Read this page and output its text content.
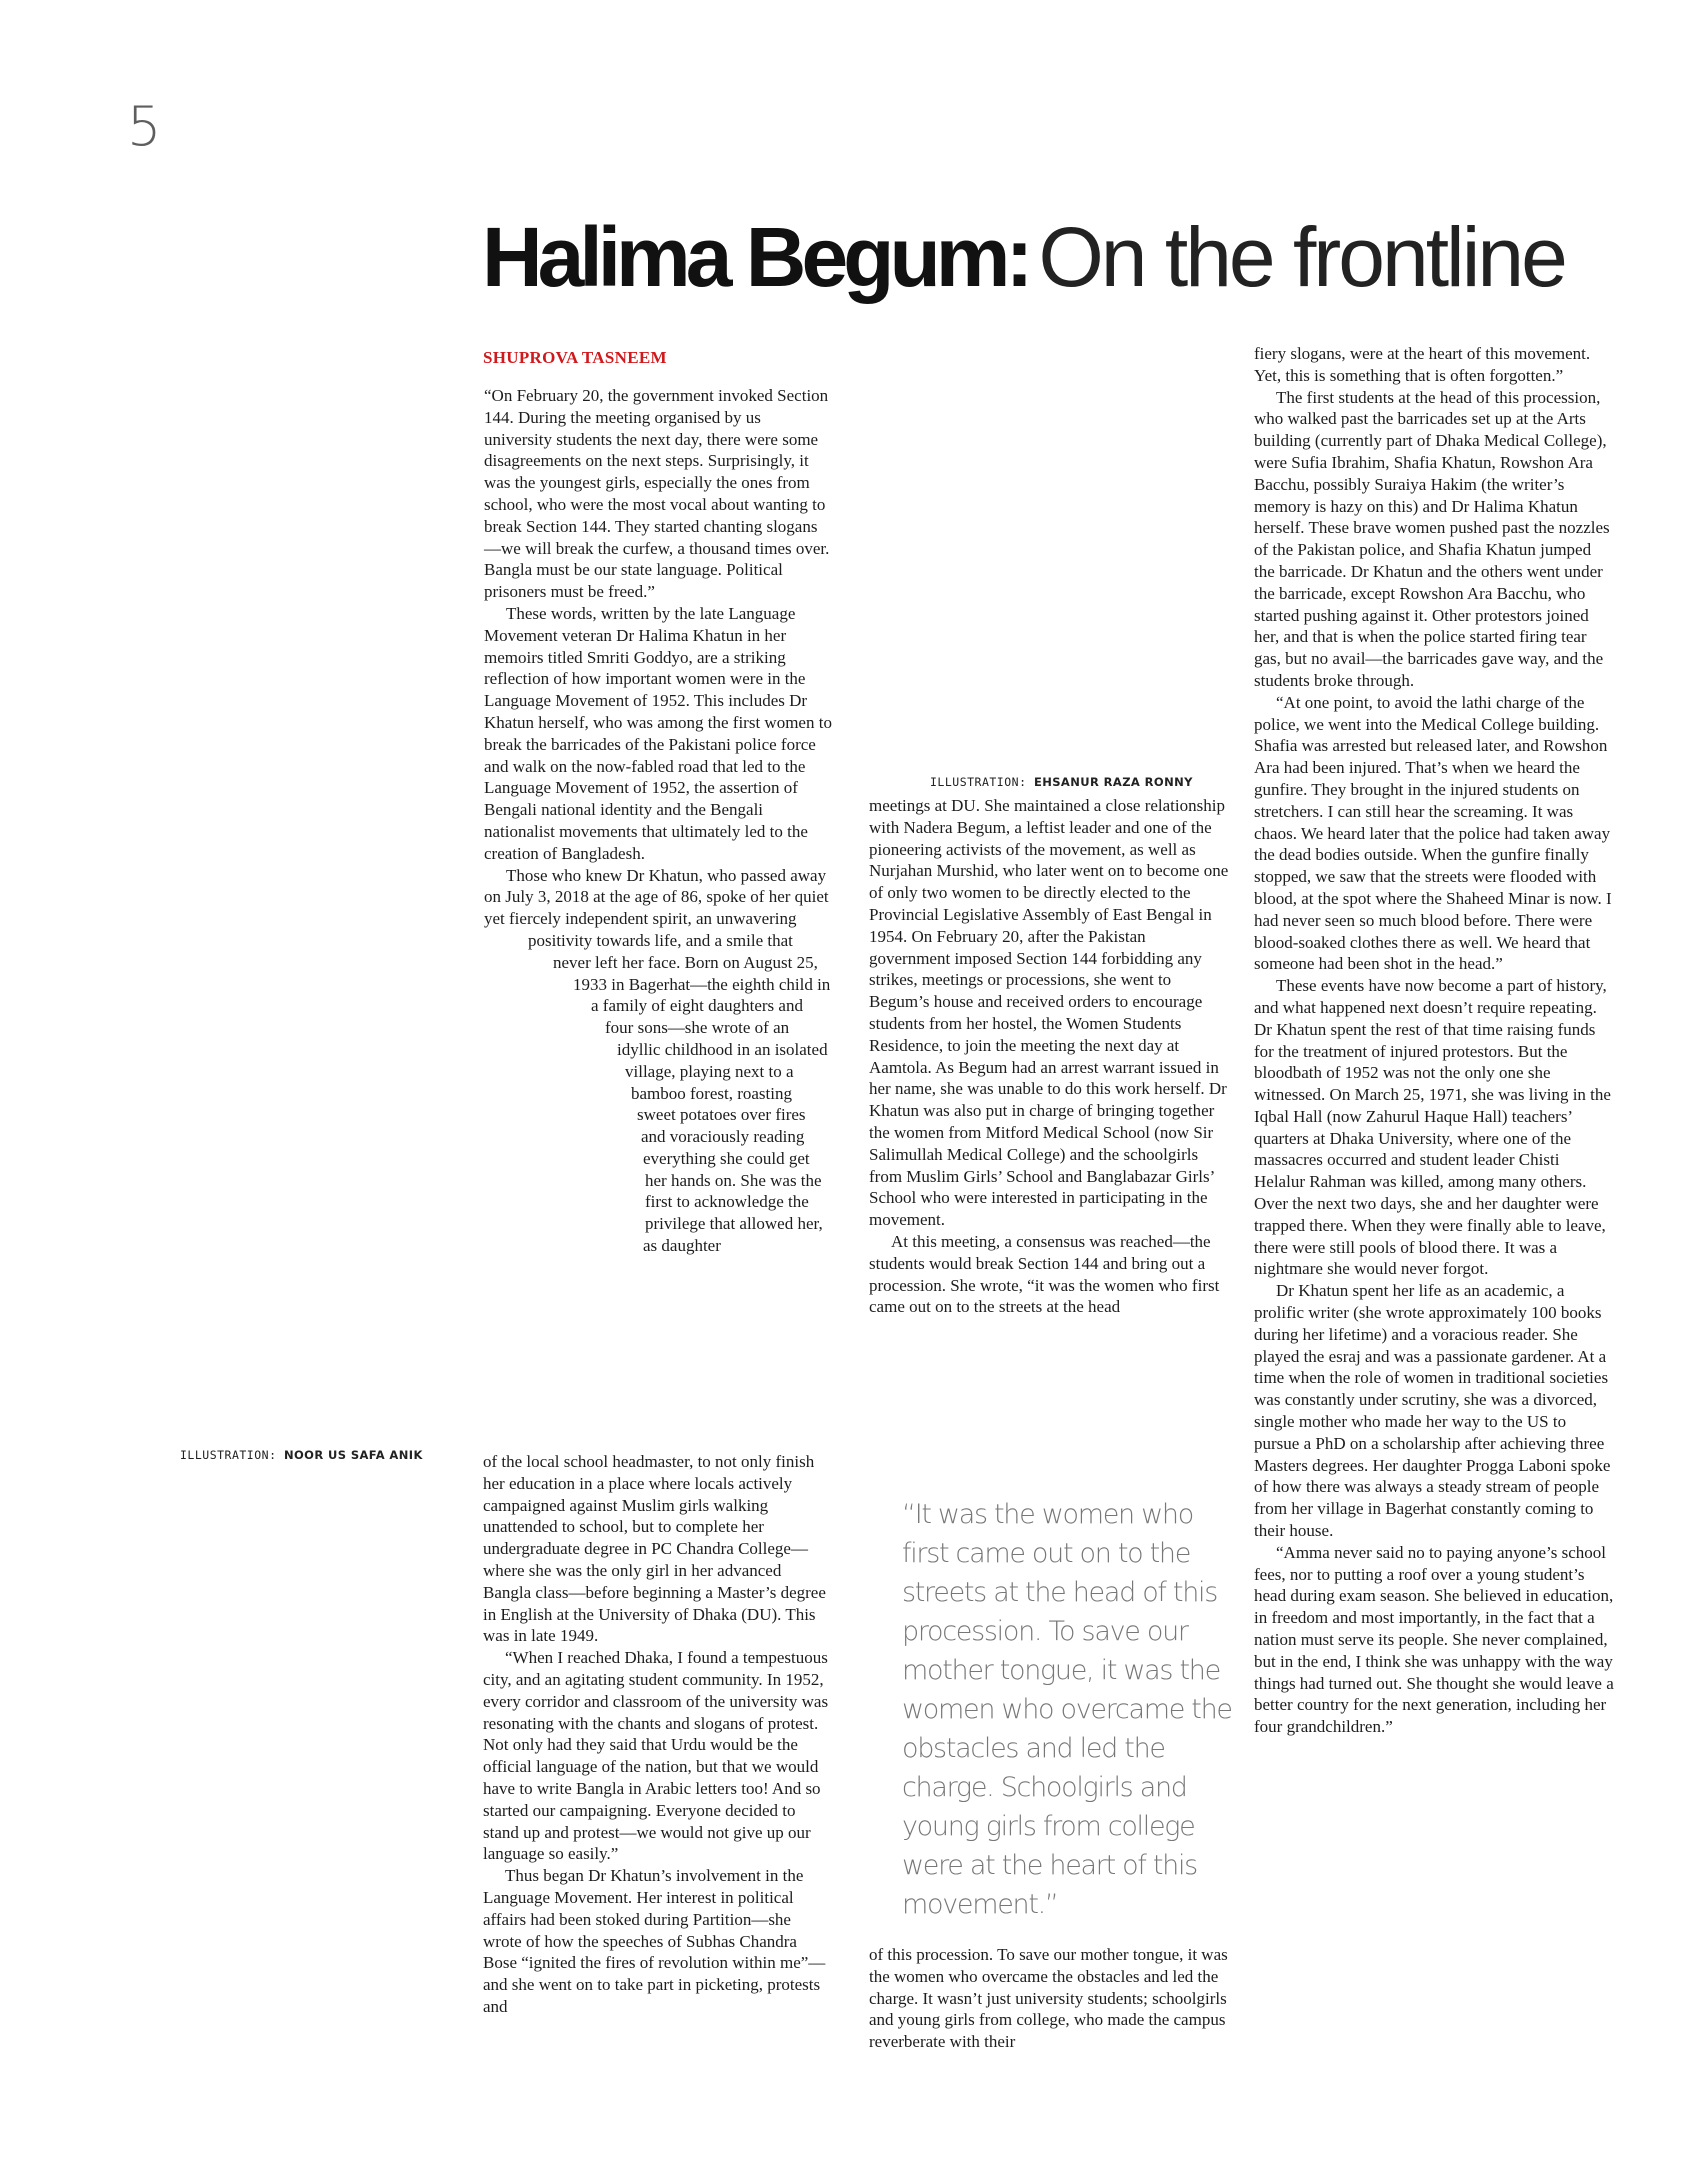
5
Halima Begum: On the frontline
SHUPROVA TASNEEM
ILLUSTRATION: NOOR US SAFA ANIK
ILLUSTRATION: EHSANUR RAZA RONNY

“On February 20, the government invoked Section 144. During the meeting organised by us university students the next day, there were some disagreements on the next steps. Surprisingly, it was the youngest girls, especially the ones from school, who were the most vocal about wanting to break Section 144. They started chanting slogans—we will break the curfew, a thousand times over. Bangla must be our state language. Political prisoners must be freed.”

These words, written by the late Language Movement veteran Dr Halima Khatun in her memoirs titled Smriti Goddyo, are a striking reflection of how important women were in the Language Movement of 1952. This includes Dr Khatun herself, who was among the first women to break the barricades of the Pakistani police force and walk on the now-fabled road that led to the Language Movement of 1952, the assertion of Bengali national identity and the Bengali nationalist movements that ultimately led to the creation of Bangladesh.

Those who knew Dr Khatun, who passed away on July 3, 2018 at the age of 86, spoke of her quiet yet fiercely independent spirit, an unwavering positivity towards life, and a smile that never left her face. Born on August 25, 1933 in Bagerhat—the eighth child in a family of eight daughters and four sons—she wrote of an idyllic childhood in an isolated village, playing next to a bamboo forest, roasting sweet potatoes over fires and voraciously reading everything she could get her hands on. She was the first to acknowledge the privilege that allowed her, as daughter

of the local school headmaster, to not only finish her education in a place where locals actively campaigned against Muslim girls walking unattended to school, but to complete her undergraduate degree in PC Chandra College—where she was the only girl in her advanced Bangla class—before beginning a Master’s degree in English at the University of Dhaka (DU). This was in late 1949.

“When I reached Dhaka, I found a tempestuous city, and an agitating student community. In 1952, every corridor and classroom of the university was resonating with the chants and slogans of protest. Not only had they said that Urdu would be the official language of the nation, but that we would have to write Bangla in Arabic letters too! And so started our campaigning. Everyone decided to stand up and protest—we would not give up our language so easily.”

Thus began Dr Khatun’s involvement in the Language Movement. Her interest in political affairs had been stoked during Partition—she wrote of how the speeches of Subhas Chandra Bose “ignited the fires of revolution within me”—and she went on to take part in picketing, protests and

meetings at DU. She maintained a close relationship with Nadera Begum, a leftist leader and one of the pioneering activists of the movement, as well as Nurjahan Murshid, who later went on to become one of only two women to be directly elected to the Provincial Legislative Assembly of East Bengal in 1954. On February 20, after the Pakistan government imposed Section 144 forbidding any strikes, meetings or processions, she went to Begum’s house and received orders to encourage students from her hostel, the Women Students Residence, to join the meeting the next day at Aamtola. As Begum had an arrest warrant issued in her name, she was unable to do this work herself. Dr Khatun was also put in charge of bringing together the women from Mitford Medical School (now Sir Salimullah Medical College) and the schoolgirls from Muslim Girls’ School and Banglabazar Girls’ School who were interested in participating in the movement.

At this meeting, a consensus was reached—the students would break Section 144 and bring out a procession. She wrote, “it was the women who first came out on to the streets at the head

“It was the women who first came out on to the streets at the head of this procession. To save our mother tongue, it was the women who overcame the obstacles and led the charge. Schoolgirls and young girls from college were at the heart of this movement.”

of this procession. To save our mother tongue, it was the women who overcame the obstacles and led the charge. It wasn’t just university students; schoolgirls and young girls from college, who made the campus reverberate with their

fiery slogans, were at the heart of this movement. Yet, this is something that is often forgotten.”

The first students at the head of this procession, who walked past the barricades set up at the Arts building (currently part of Dhaka Medical College), were Sufia Ibrahim, Shafia Khatun, Rowshon Ara Bacchu, possibly Suraiya Hakim (the writer’s memory is hazy on this) and Dr Halima Khatun herself. These brave women pushed past the nozzles of the Pakistan police, and Shafia Khatun jumped the barricade. Dr Khatun and the others went under the barricade, except Rowshon Ara Bacchu, who started pushing against it. Other protestors joined her, and that is when the police started firing tear gas, but no avail—the barricades gave way, and the students broke through.

“At one point, to avoid the lathi charge of the police, we went into the Medical College building. Shafia was arrested but released later, and Rowshon Ara had been injured. That’s when we heard the gunfire. They brought in the injured students on stretchers. I can still hear the screaming. It was chaos. We heard later that the police had taken away the dead bodies outside. When the gunfire finally stopped, we saw that the streets were flooded with blood, at the spot where the Shaheed Minar is now. I had never seen so much blood before. There were blood-soaked clothes there as well. We heard that someone had been shot in the head.”

These events have now become a part of history, and what happened next doesn’t require repeating. Dr Khatun spent the rest of that time raising funds for the treatment of injured protestors. But the bloodbath of 1952 was not the only one she witnessed. On March 25, 1971, she was living in the Iqbal Hall (now Zahurul Haque Hall) teachers’ quarters at Dhaka University, where one of the massacres occurred and student leader Chisti Helalur Rahman was killed, among many others. Over the next two days, she and her daughter were trapped there. When they were finally able to leave, there were still pools of blood there. It was a nightmare she would never forgot.

Dr Khatun spent her life as an academic, a prolific writer (she wrote approximately 100 books during her lifetime) and a voracious reader. She played the esraj and was a passionate gardener. At a time when the role of women in traditional societies was constantly under scrutiny, she was a divorced, single mother who made her way to the US to pursue a PhD on a scholarship after achieving three Masters degrees. Her daughter Progga Laboni spoke of how there was always a steady stream of people from her village in Bagerhat constantly coming to their house.

“Amma never said no to paying anyone’s school fees, nor to putting a roof over a young student’s head during exam season. She believed in education, in freedom and most importantly, in the fact that a nation must serve its people. She never complained, but in the end, I think she was unhappy with the way things had turned out. She thought she would leave a better country for the next generation, including her four grandchildren.”
